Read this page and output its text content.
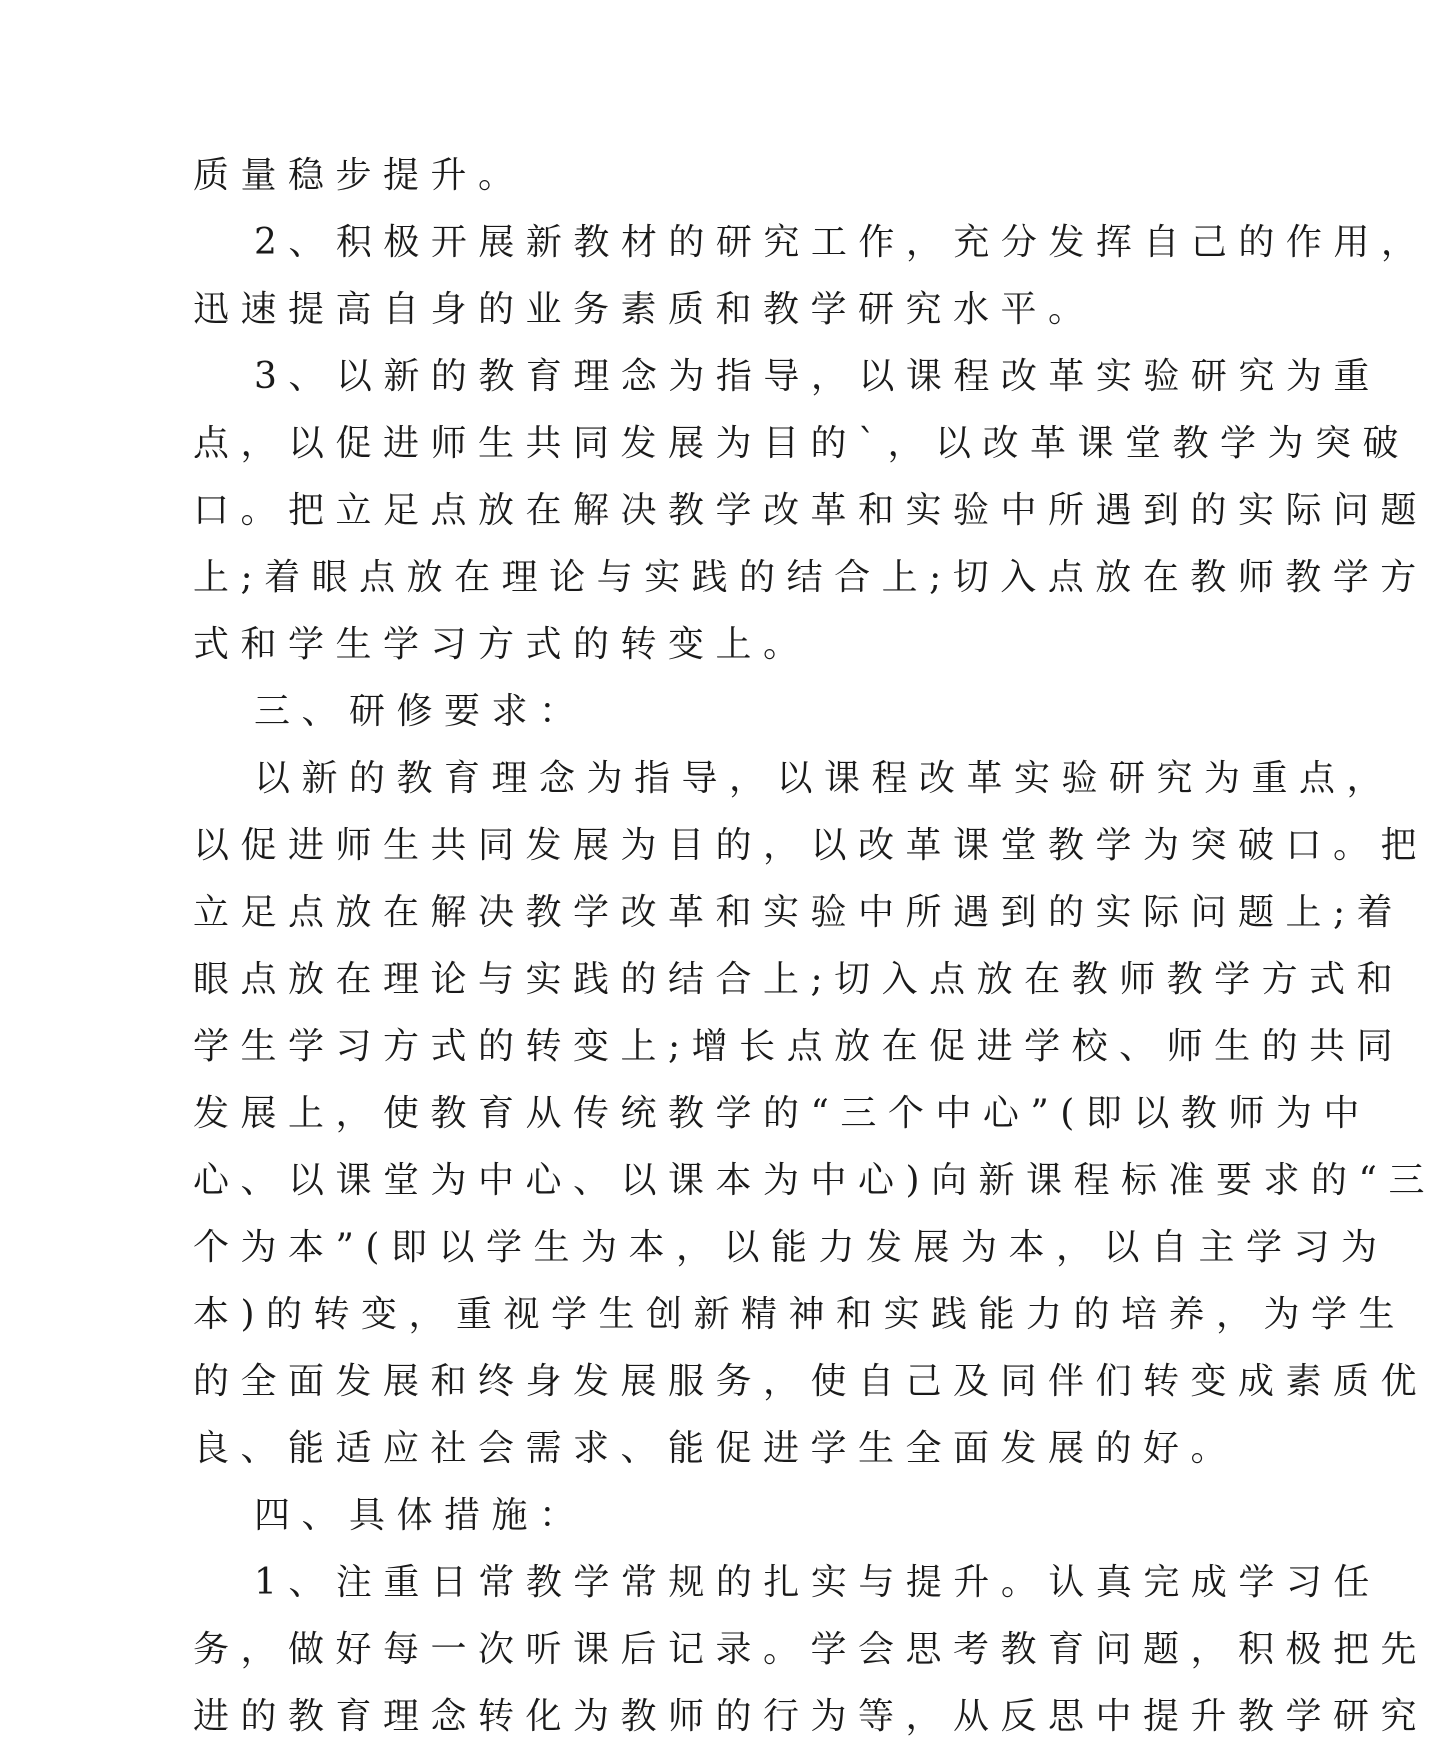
质量稳步提升。
2、积极开展新教材的研究工作，充分发挥自己的作用，
迅速提高自身的业务素质和教学研究水平。
3、以新的教育理念为指导，以课程改革实验研究为重
点，以促进师生共同发展为目的`，以改革课堂教学为突破
口。把立足点放在解决教学改革和实验中所遇到的实际问题
上;着眼点放在理论与实践的结合上;切入点放在教师教学方
式和学生学习方式的转变上。
三、研修要求：
以新的教育理念为指导，以课程改革实验研究为重点，
以促进师生共同发展为目的，以改革课堂教学为突破口。把
立足点放在解决教学改革和实验中所遇到的实际问题上;着
眼点放在理论与实践的结合上;切入点放在教师教学方式和
学生学习方式的转变上;增长点放在促进学校、师生的共同
发展上，使教育从传统教学的“三个中心”(即以教师为中
心、以课堂为中心、以课本为中心)向新课程标准要求的“三
个为本”(即以学生为本，以能力发展为本，以自主学习为
本)的转变，重视学生创新精神和实践能力的培养，为学生
的全面发展和终身发展服务，使自己及同伴们转变成素质优
良、能适应社会需求、能促进学生全面发展的好。
四、具体措施：
1、注重日常教学常规的扎实与提升。认真完成学习任
务，做好每一次听课后记录。学会思考教育问题，积极把先
进的教育理念转化为教师的行为等，从反思中提升教学研究
